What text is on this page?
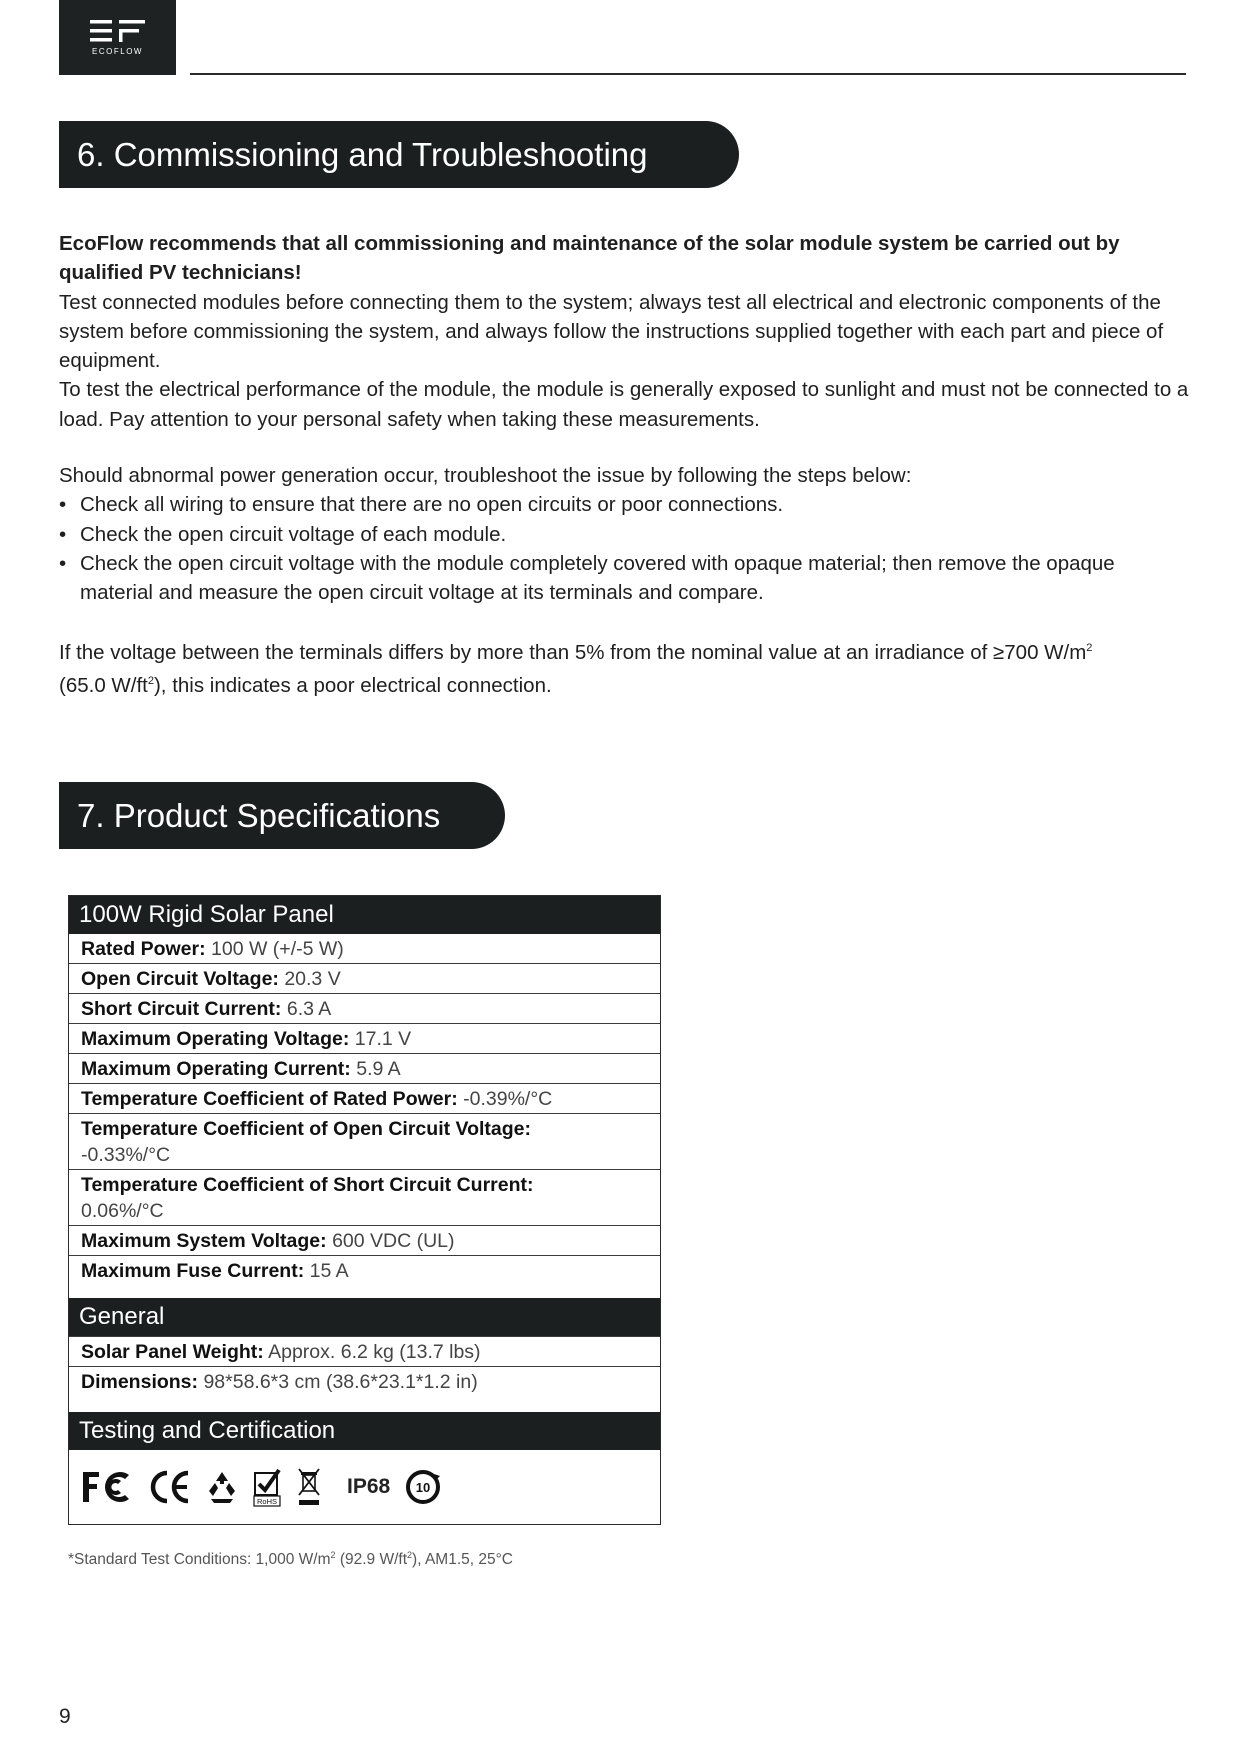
ECOFLOW
6. Commissioning and Troubleshooting

EcoFlow recommends that all commissioning and maintenance of the solar module system be carried out by qualified PV technicians!

Test connected modules before connecting them to the system; always test all electrical and electronic components of the system before commissioning the system, and always follow the instructions supplied together with each part and piece of equipment.

To test the electrical performance of the module, the module is generally exposed to sunlight and must not be connected to a load. Pay attention to your personal safety when taking these measurements.

Should abnormal power generation occur, troubleshoot the issue by following the steps below:

• Check all wiring to ensure that there are no open circuits or poor connections.
• Check the open circuit voltage of each module.
• Check the open circuit voltage with the module completely covered with opaque material; then remove the opaque material and measure the open circuit voltage at its terminals and compare.
If the voltage between the terminals differs by more than 5% from the nominal value at an irradiance of ≥700 $W/m^2$
(65.0 $W/ft^2$), this indicates a poor electrical connection.
7. Product Specifications
100W Rigid Solar Panel
Rated Power: 100 W (+/-5 W)
Open Circuit Voltage: 20.3 V
Short Circuit Current: 6.3 A
Maximum Operating Voltage: 17.1 V
Maximum Operating Current: 5.9 A
Temperature Coefficient of Rated Power: -0.39%/°C
Temperature Coefficient of Open Circuit Voltage:
-0.33%/°C
Temperature Coefficient of Short Circuit Current:
0.06%/°C
Maximum System Voltage: 600 VDC (UL)
Maximum Fuse Current: 15 A
General
Solar Panel Weight: Approx. 6.2 kg (13.7 lbs)
Dimensions: 98*58.6*3 cm (38.6*23.1*1.2 in)
Testing and Certification
RoHS
IP68 10
*Standard Test Conditions: 1,000 $W/m^2$ (92.9 $W/ft^2$), AM1.5, 25°C
9
